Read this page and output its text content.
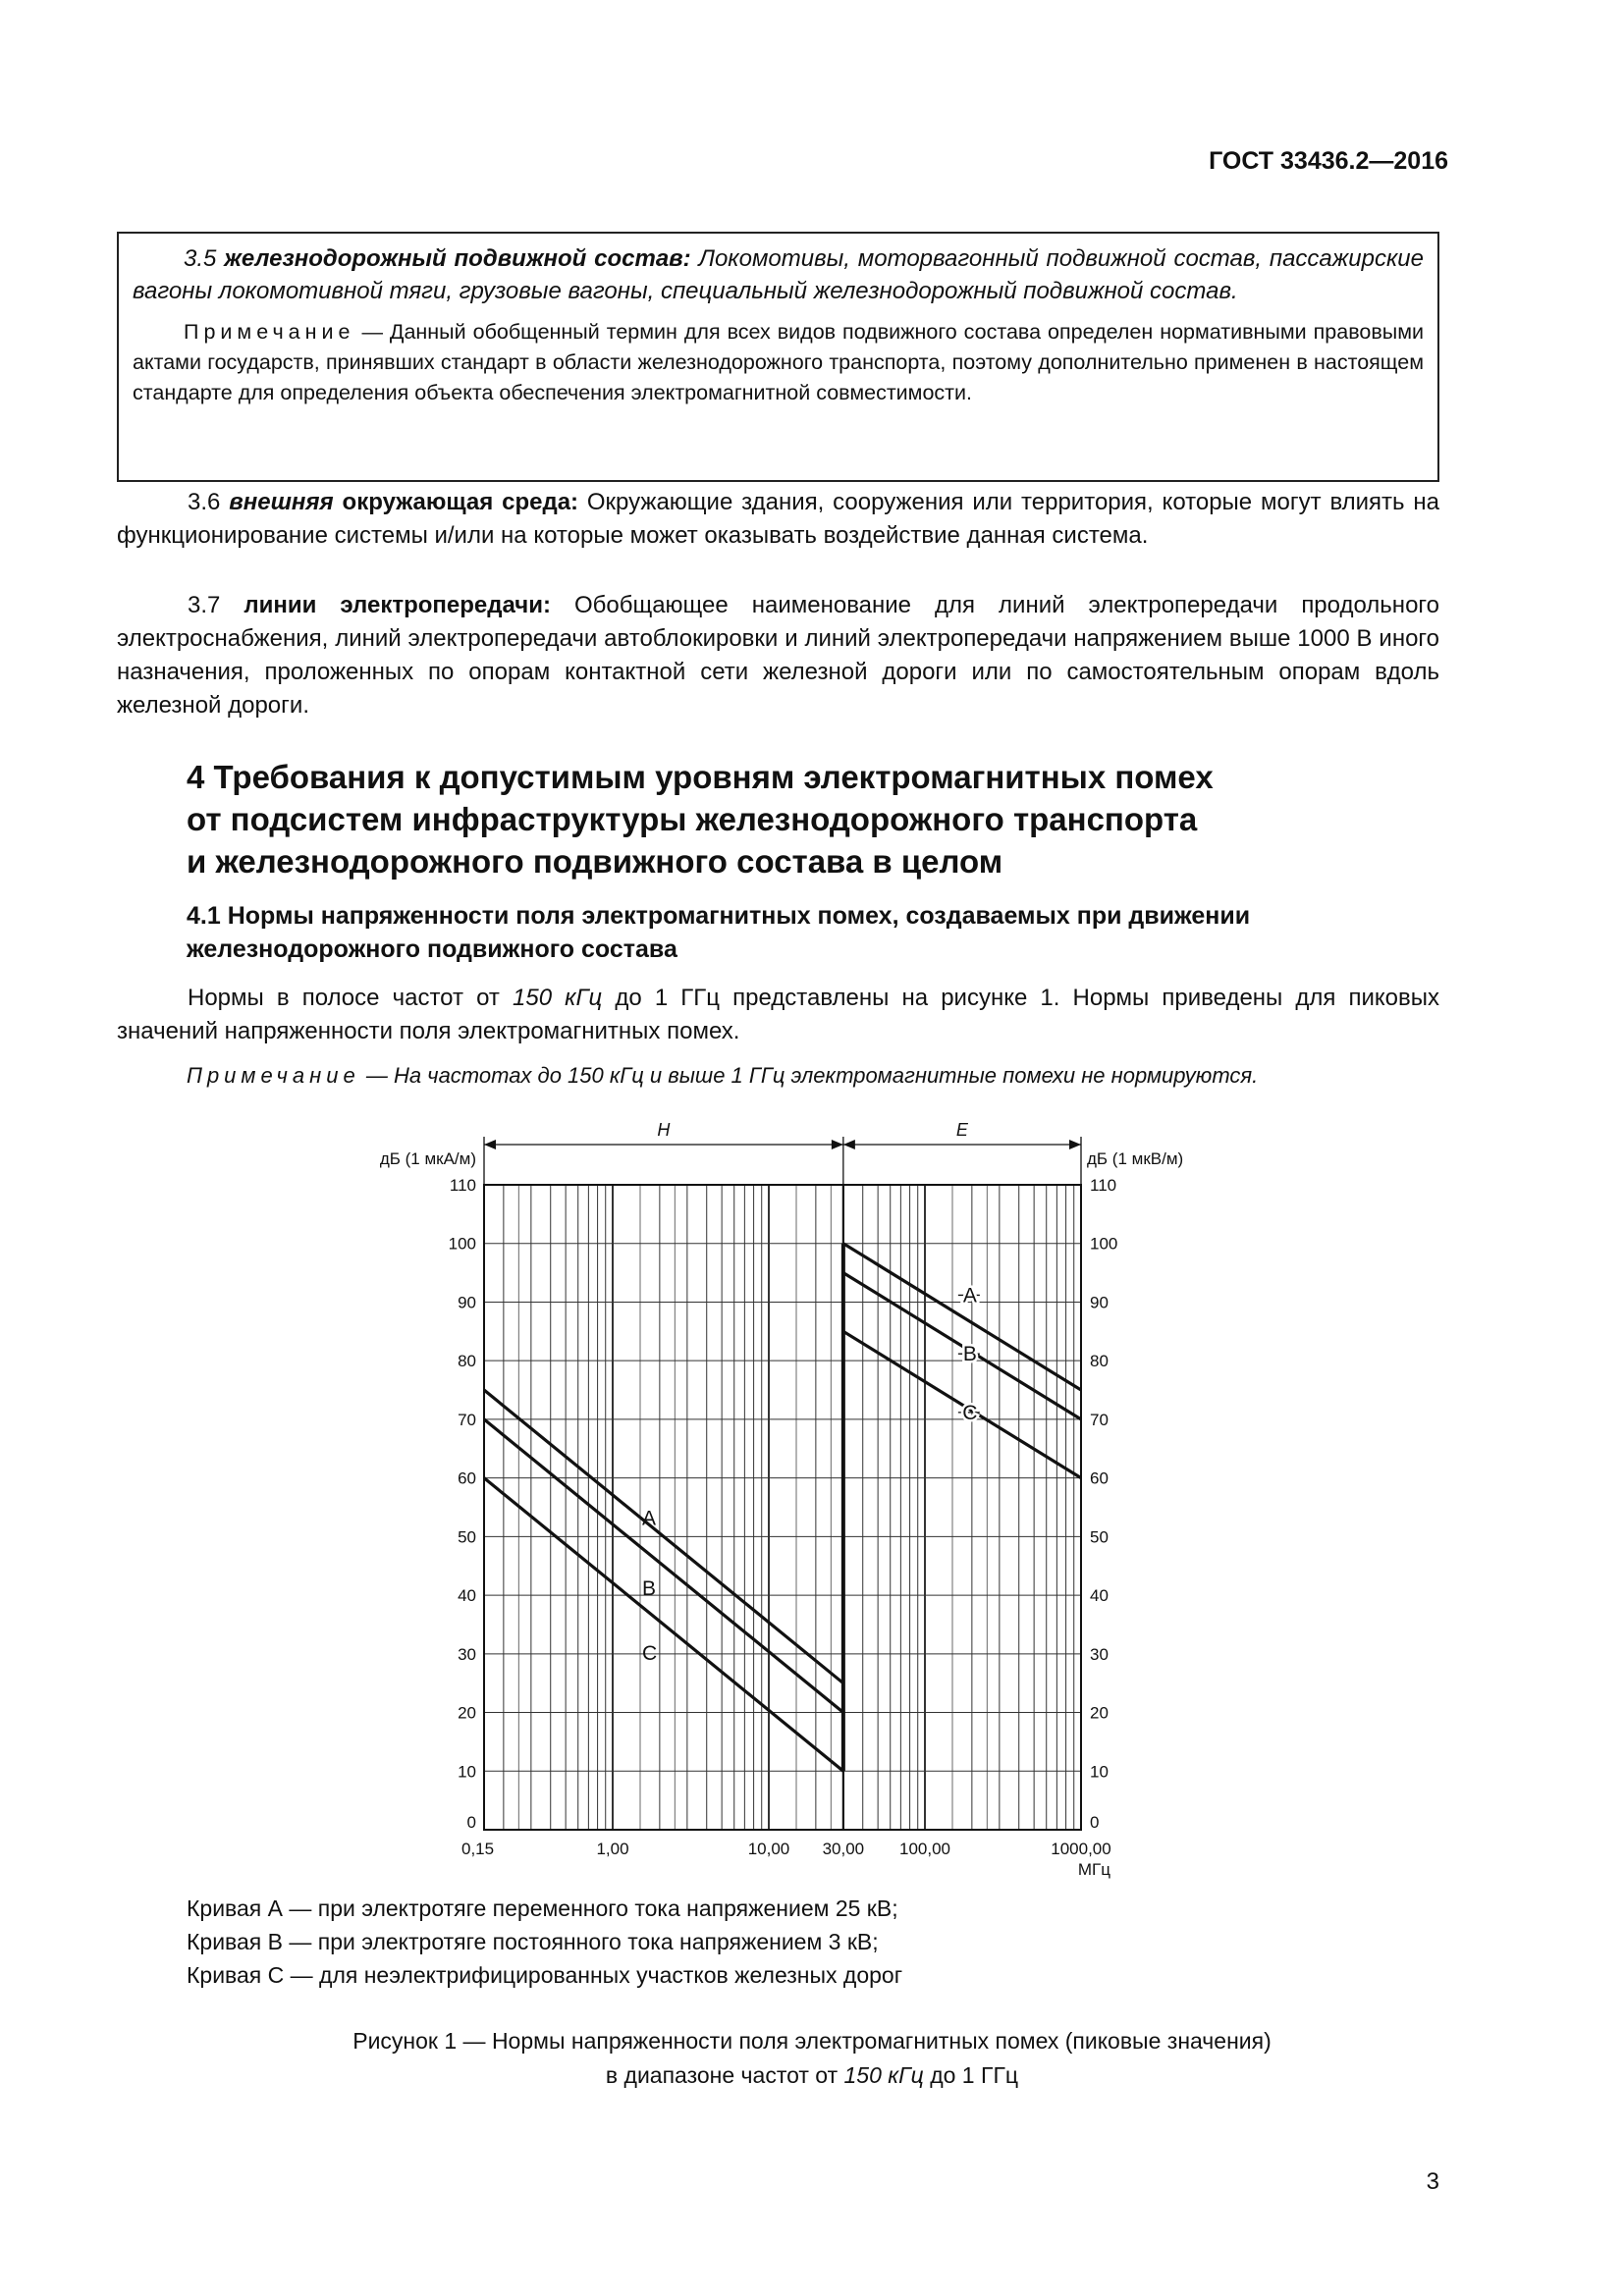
ГОСТ 33436.2—2016
3.5 железнодорожный подвижной состав: Локомотивы, моторвагонный подвижной состав, пассажирские вагоны локомотивной тяги, грузовые вагоны, специальный железнодорожный подвижной состав.
Примечание — Данный обобщенный термин для всех видов подвижного состава определен нормативными правовыми актами государств, принявших стандарт в области железнодорожного транспорта, поэтому дополнительно применен в настоящем стандарте для определения объекта обеспечения электромагнитной совместимости.
3.6 внешняя окружающая среда: Окружающие здания, сооружения или территория, которые могут влиять на функционирование системы и/или на которые может оказывать воздействие данная система.
3.7 линии электропередачи: Обобщающее наименование для линий электропередачи продольного электроснабжения, линий электропередачи автоблокировки и линий электропередачи напряжением выше 1000 В иного назначения, проложенных по опорам контактной сети железной дороги или по самостоятельным опорам вдоль железной дороги.
4 Требования к допустимым уровням электромагнитных помех
от подсистем инфраструктуры железнодорожного транспорта
и железнодорожного подвижного состава в целом
4.1 Нормы напряженности поля электромагнитных помех, создаваемых при движении
железнодорожного подвижного состава
Нормы в полосе частот от 150 кГц до 1 ГГц представлены на рисунке 1. Нормы приведены для пиковых значений напряженности поля электромагнитных помех.
Примечание — На частотах до 150 кГц и выше 1 ГГц электромагнитные помехи не нормируются.
0	0
10	10
20	20
30	30
40	40
50	50
60	60
70	70
80	80
90	90
100	100
110	110
H	E
дБ (1 мкА/м)	дБ (1 мкВ/м)
МГц
0,15	1,00	10,00 30,00 100,00	1000,00
A
A
B
B
C
C
Кривая А — при электротяге переменного тока напряжением 25 кВ;
Кривая В — при электротяге постоянного тока напряжением 3 кВ;
Кривая С — для неэлектрифицированных участков железных дорог
Рисунок 1 — Нормы напряженности поля электромагнитных помех (пиковые значения)
в диапазоне частот от 150 кГц до 1 ГГц
3
